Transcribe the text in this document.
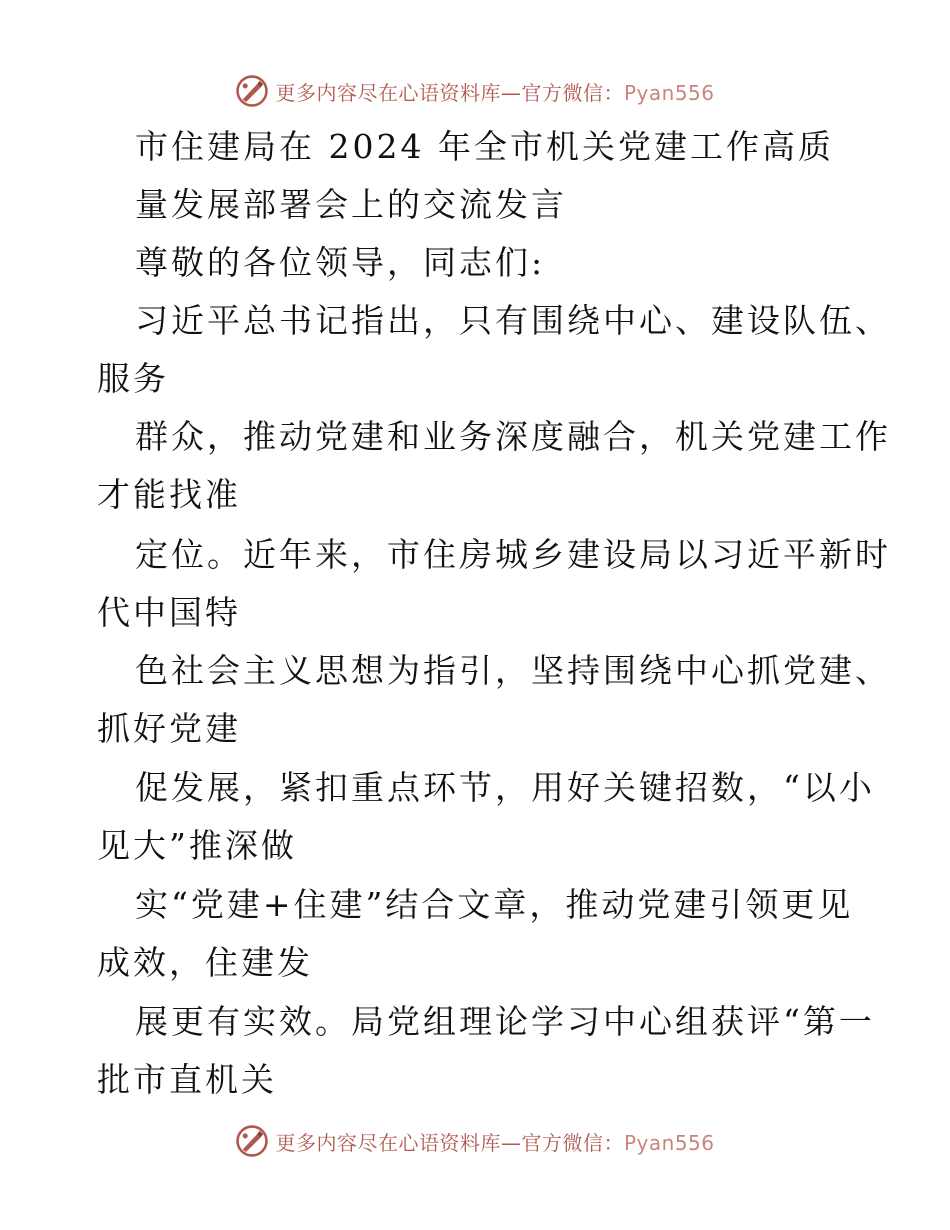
更多内容尽在心语资料库—官方微信：Pyan556
市住建局在 2024 年全市机关党建工作高质
量发展部署会上的交流发言
尊敬的各位领导，同志们:
习近平总书记指出，只有围绕中心、建设队伍、
服务
群众，推动党建和业务深度融合，机关党建工作
才能找准
定位。近年来，市住房城乡建设局以习近平新时
代中国特
色社会主义思想为指引，坚持围绕中心抓党建、
抓好党建
促发展，紧扣重点环节，用好关键招数，“以小
见大”推深做
实“党建+住建”结合文章，推动党建引领更见
成效，住建发
展更有实效。局党组理论学习中心组获评“第一
批市直机关
更多内容尽在心语资料库—官方微信：Pyan556
